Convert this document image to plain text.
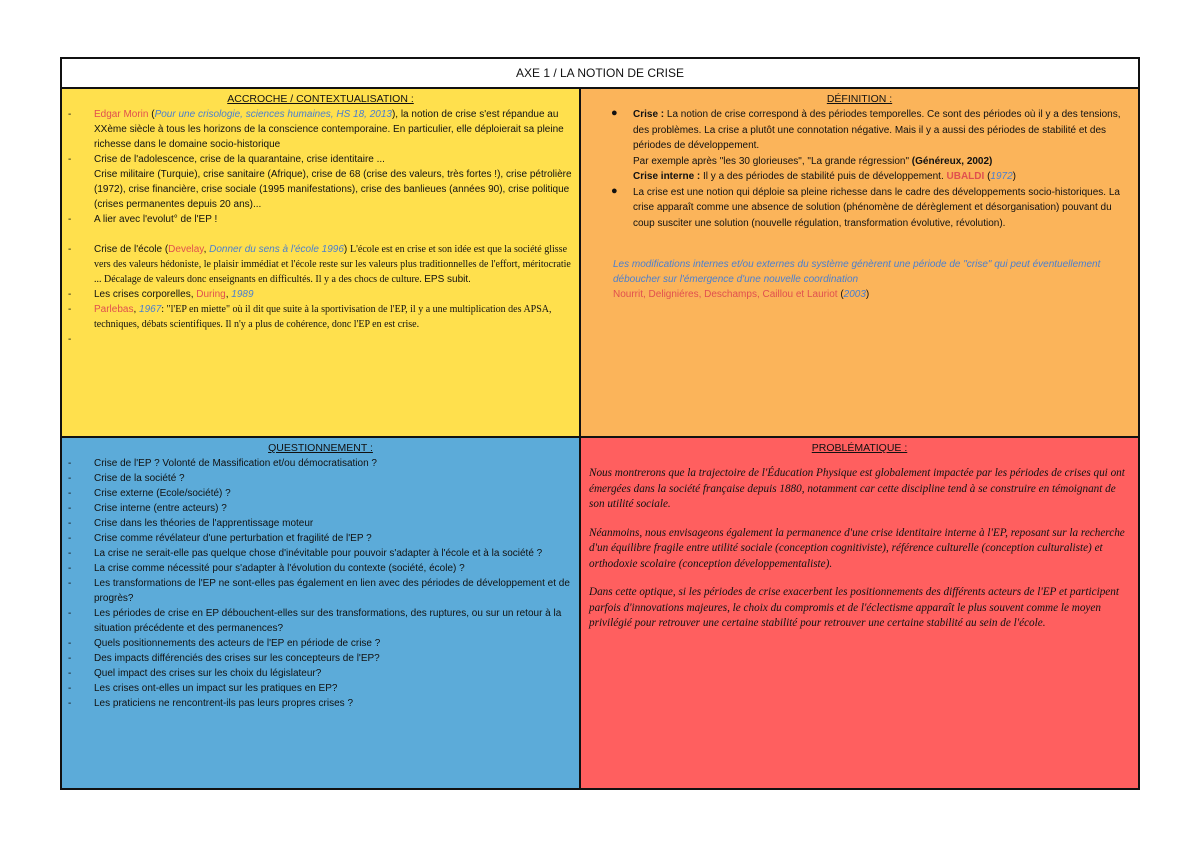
AXE 1 / LA NOTION DE CRISE
ACCROCHE / CONTEXTUALISATION :
- Edgar Morin (Pour une crisologie, sciences humaines, HS 18, 2013), la notion de crise s'est répandue au XXème siècle à tous les horizons de la conscience contemporaine. En particulier, elle déploierait sa pleine richesse dans le domaine socio-historique
- Crise de l'adolescence, crise de la quarantaine, crise identitaire ...
Crise militaire (Turquie), crise sanitaire (Afrique), crise de 68 (crise des valeurs, très fortes !), crise pétrolière (1972), crise financière, crise sociale (1995 manifestations), crise des banlieues (années 90), crise politique (crises permanentes depuis 20 ans)...
- A lier avec l'evolut° de l'EP !
- Crise de l'école (Develay, Donner du sens à l'école 1996) L'école est en crise et son idée est que la société glisse vers des valeurs hédoniste, le plaisir immédiat et l'école reste sur les valeurs plus traditionnelles de l'effort, méritocratie ... Décalage de valeurs donc enseignants en difficultés. Il y a des chocs de culture. EPS subit.
- Les crises corporelles, During, 1989
- Parlebas, 1967: "l'EP en miette" où il dit que suite à la sportivisation de l'EP, il y a une multiplication des APSA, techniques, débats scientifiques. Il n'y a plus de cohérence, donc l'EP en est crise.
-

DÉFINITION :
● Crise : La notion de crise correspond à des périodes temporelles. Ce sont des périodes où il y a des tensions, des problèmes. La crise a plutôt une connotation négative. Mais il y a aussi des périodes de stabilité et des périodes de développement.
Par exemple après "les 30 glorieuses", "La grande régression" (Généreux, 2002)
Crise interne : Il y a des périodes de stabilité puis de développement. UBALDI (1972)
● La crise est une notion qui déploie sa pleine richesse dans le cadre des développements socio-historiques. La crise apparaît comme une absence de solution (phénomène de dérèglement et désorganisation) pouvant du coup susciter une solution (nouvelle régulation, transformation évolutive, révolution).
Les modifications internes et/ou externes du système génèrent une période de "crise" qui peut éventuellement déboucher sur l'émergence d'une nouvelle coordination
Nourrit, Deligniéres, Deschamps, Caillou et Lauriot (2003)
QUESTIONNEMENT :
- Crise de l'EP ? Volonté de Massification et/ou démocratisation ?
- Crise de la société ?
- Crise externe (Ecole/société) ?
- Crise interne (entre acteurs) ?
- Crise dans les théories de l'apprentissage moteur
- Crise comme révélateur d'une perturbation et fragilité de l'EP ?
- La crise ne serait-elle pas quelque chose d'inévitable pour pouvoir s'adapter à l'école et à la société ?
- La crise comme nécessité pour s'adapter à l'évolution du contexte (société, école) ?
- Les transformations de l'EP ne sont-elles pas également en lien avec des périodes de développement et de progrès?
- Les périodes de crise en EP débouchent-elles sur des transformations, des ruptures, ou sur un retour à la situation précédente et des permanences?
- Quels positionnements des acteurs de l'EP en période de crise ?
- Des impacts différenciés des crises sur les concepteurs de l'EP?
- Quel impact des crises sur les choix du législateur?
- Les crises ont-elles un impact sur les pratiques en EP?
- Les praticiens ne rencontrent-ils pas leurs propres crises ?
PROBLÉMATIQUE :

Nous montrerons que la trajectoire de l'Éducation Physique est globalement impactée par les périodes de crises qui ont émergées dans la société française depuis 1880, notamment car cette discipline tend à se construire en témoignant de son utilité sociale.

Néanmoins, nous envisageons également la permanence d'une crise identitaire interne à l'EP, reposant sur la recherche d'un équilibre fragile entre utilité sociale (conception cognitiviste), référence culturelle (conception culturaliste) et orthodoxie scolaire (conception développementaliste).

Dans cette optique, si les périodes de crise exacerbent les positionnements des différents acteurs de l'EP et participent parfois d'innovations majeures, le choix du compromis et de l'éclectisme apparaît le plus souvent comme le moyen privilégié pour retrouver une certaine stabilité pour retrouver une certaine stabilité au sein de l'école.
